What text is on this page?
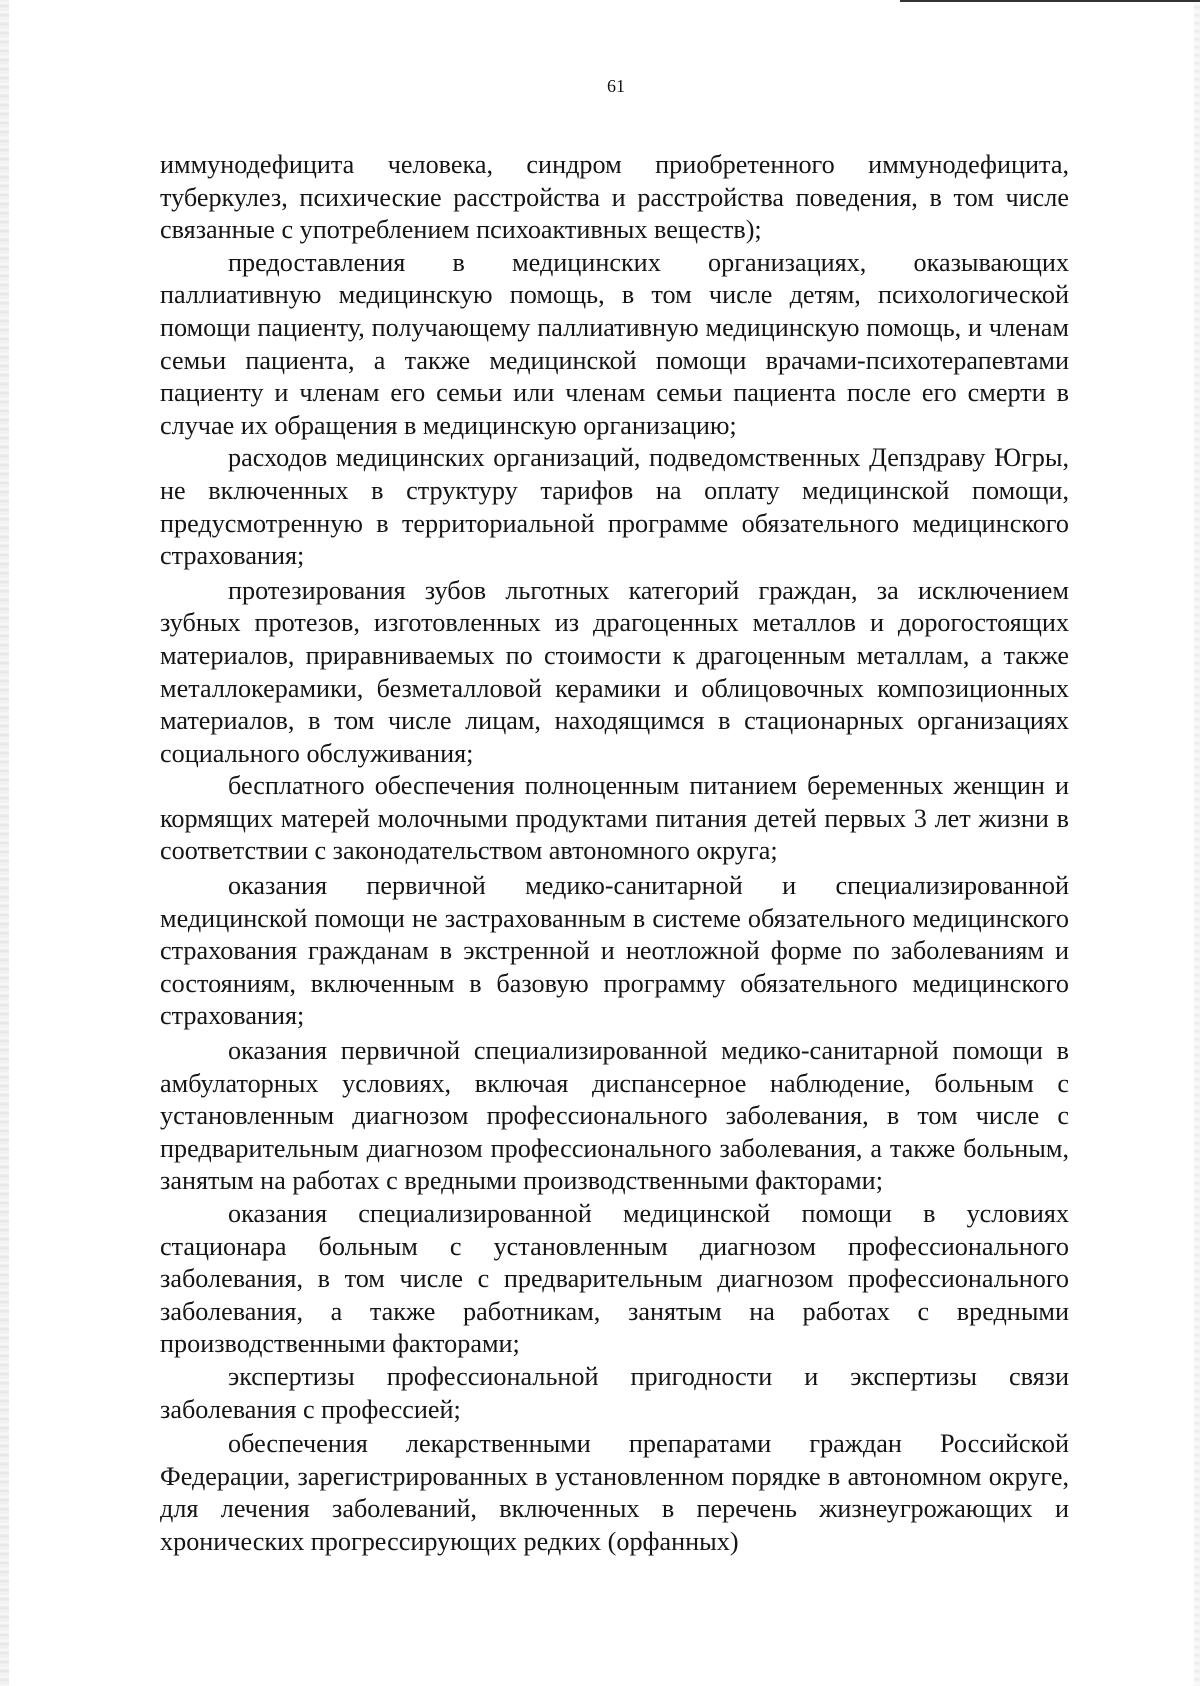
61

иммунодефицита человека, синдром приобретенного иммунодефицита, туберкулез, психические расстройства и расстройства поведения, в том числе связанные с употреблением психоактивных веществ);

предоставления в медицинских организациях, оказывающих паллиативную медицинскую помощь, в том числе детям, психологической помощи пациенту, получающему паллиативную медицинскую помощь, и членам семьи пациента, а также медицинской помощи врачами-психотерапевтами пациенту и членам его семьи или членам семьи пациента после его смерти в случае их обращения в медицинскую организацию;

расходов медицинских организаций, подведомственных Депздраву Югры, не включенных в структуру тарифов на оплату медицинской помощи, предусмотренную в территориальной программе обязательного медицинского страхования;

протезирования зубов льготных категорий граждан, за исключением зубных протезов, изготовленных из драгоценных металлов и дорогостоящих материалов, приравниваемых по стоимости к драгоценным металлам, а также металлокерамики, безметалловой керамики и облицовочных композиционных материалов, в том числе лицам, находящимся в стационарных организациях социального обслуживания;

бесплатного обеспечения полноценным питанием беременных женщин и кормящих матерей молочными продуктами питания детей первых 3 лет жизни в соответствии с законодательством автономного округа;

оказания первичной медико-санитарной и специализированной медицинской помощи не застрахованным в системе обязательного медицинского страхования гражданам в экстренной и неотложной форме по заболеваниям и состояниям, включенным в базовую программу обязательного медицинского страхования;

оказания первичной специализированной медико-санитарной помощи в амбулаторных условиях, включая диспансерное наблюдение, больным с установленным диагнозом профессионального заболевания, в том числе с предварительным диагнозом профессионального заболевания, а также больным, занятым на работах с вредными производственными факторами;

оказания специализированной медицинской помощи в условиях стационара больным с установленным диагнозом профессионального заболевания, в том числе с предварительным диагнозом профессионального заболевания, а также работникам, занятым на работах с вредными производственными факторами;

экспертизы профессиональной пригодности и экспертизы связи заболевания с профессией;

обеспечения лекарственными препаратами граждан Российской Федерации, зарегистрированных в установленном порядке в автономном округе, для лечения заболеваний, включенных в перечень жизнеугрожающих и хронических прогрессирующих редких (орфанных)
